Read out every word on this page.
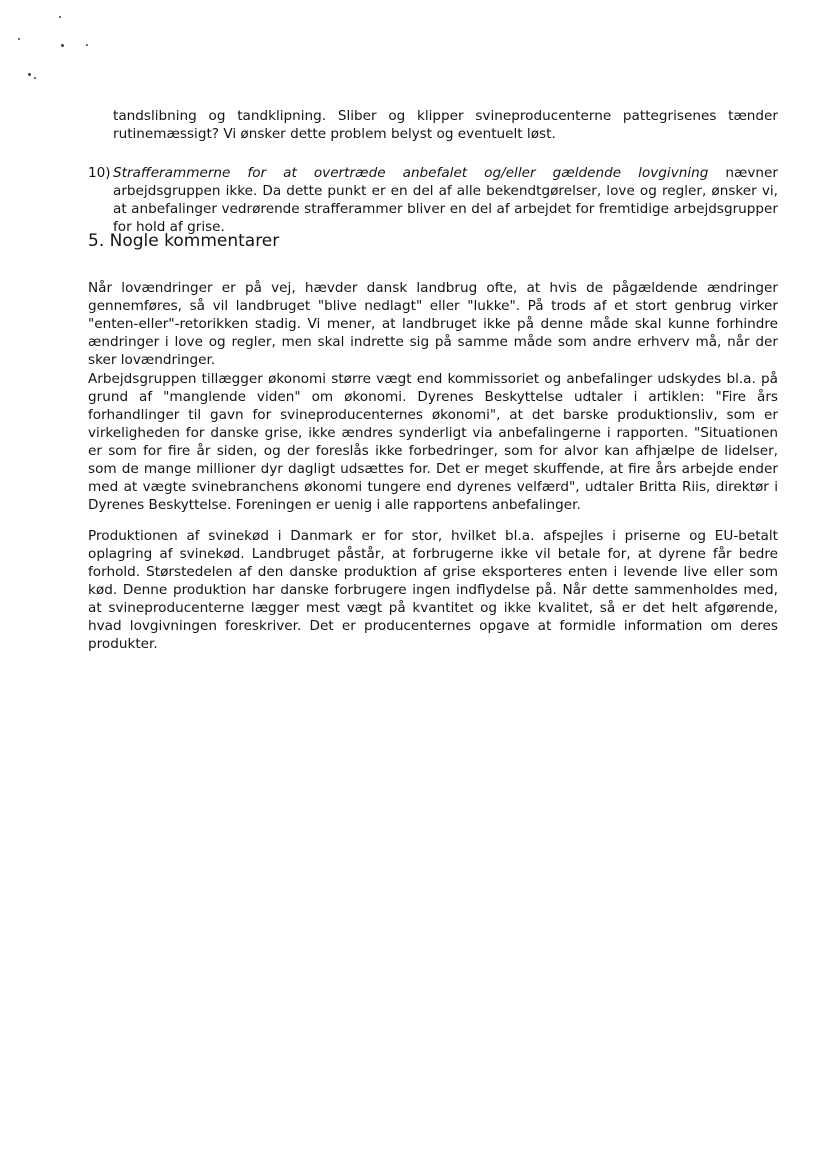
tandslibning og tandklipning. Sliber og klipper svineproducenterne pattegrisenes tænder rutinemæssigt? Vi ønsker dette problem belyst og eventuelt løst.

10) Strafferammerne for at overtræde anbefalet og/eller gældende lovgivning nævner arbejdsgruppen ikke. Da dette punkt er en del af alle bekendtgørelser, love og regler, ønsker vi, at anbefalinger vedrørende strafferammer bliver en del af arbejdet for fremtidige arbejdsgrupper for hold af grise.
5. Nogle kommentarer

Når lovændringer er på vej, hævder dansk landbrug ofte, at hvis de pågældende ændringer gennemføres, så vil landbruget "blive nedlagt" eller "lukke". På trods af et stort genbrug virker "enten-eller"-retorikken stadig. Vi mener, at landbruget ikke på denne måde skal kunne forhindre ændringer i love og regler, men skal indrette sig på samme måde som andre erhverv må, når der sker lovændringer.

Arbejdsgruppen tillægger økonomi større vægt end kommissoriet og anbefalinger udskydes bl.a. på grund af "manglende viden" om økonomi. Dyrenes Beskyttelse udtaler i artiklen: "Fire års forhandlinger til gavn for svineproducenternes økonomi", at det barske produktionsliv, som er virkeligheden for danske grise, ikke ændres synderligt via anbefalingerne i rapporten. "Situationen er som for fire år siden, og der foreslås ikke forbedringer, som for alvor kan afhjælpe de lidelser, som de mange millioner dyr dagligt udsættes for. Det er meget skuffende, at fire års arbejde ender med at vægte svinebranchens økonomi tungere end dyrenes velfærd", udtaler Britta Riis, direktør i Dyrenes Beskyttelse. Foreningen er uenig i alle rapportens anbefalinger.

Produktionen af svinekød i Danmark er for stor, hvilket bl.a. afspejles i priserne og EU-betalt oplagring af svinekød. Landbruget påstår, at forbrugerne ikke vil betale for, at dyrene får bedre forhold. Størstedelen af den danske produktion af grise eksporteres enten i levende live eller som kød. Denne produktion har danske forbrugere ingen indflydelse på. Når dette sammenholdes med, at svineproducenterne lægger mest vægt på kvantitet og ikke kvalitet, så er det helt afgørende, hvad lovgivningen foreskriver. Det er producenternes opgave at formidle information om deres produkter.
